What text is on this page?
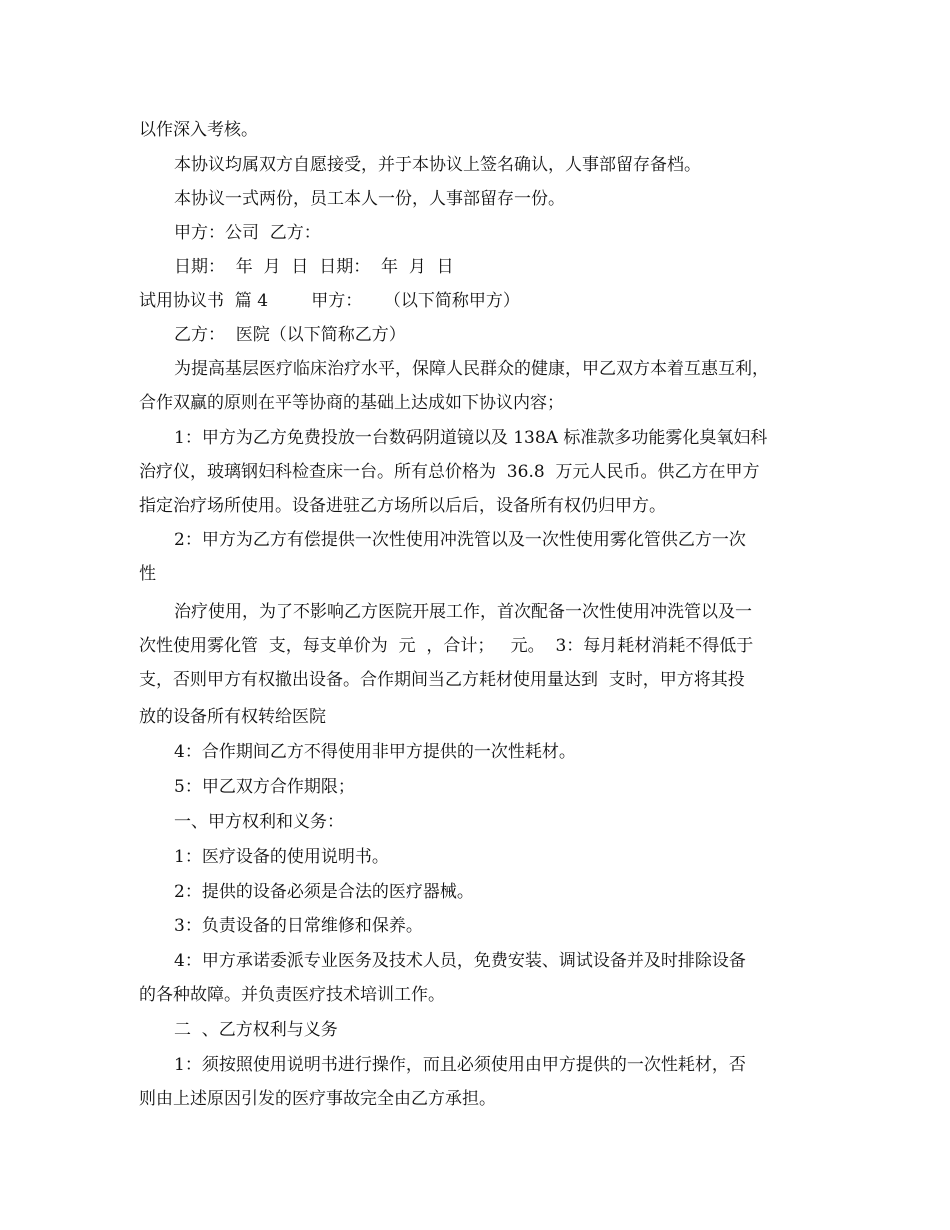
以作深入考核。
本协议均属双方自愿接受，并于本协议上签名确认，人事部留存备档。
本协议一式两份，员工本人一份，人事部留存一份。
甲方：公司  乙方：
日期：  年  月  日  日期：  年  月  日
试用协议书  篇 4        甲方：    （以下简称甲方）
乙方：  医院（以下简称乙方）
为提高基层医疗临床治疗水平，保障人民群众的健康，甲乙双方本着互惠互利，
合作双赢的原则在平等协商的基础上达成如下协议内容；
1：甲方为乙方免费投放一台数码阴道镜以及 138A 标准款多功能雾化臭氧妇科
治疗仪，玻璃钢妇科检查床一台。所有总价格为  36.8  万元人民币。供乙方在甲方
指定治疗场所使用。设备进驻乙方场所以后后，设备所有权仍归甲方。
2：甲方为乙方有偿提供一次性使用冲洗管以及一次性使用雾化管供乙方一次
性
治疗使用，为了不影响乙方医院开展工作，首次配备一次性使用冲洗管以及一
次性使用雾化管  支，每支单价为  元  ，合计；   元。  3：每月耗材消耗不得低于
支，否则甲方有权撤出设备。合作期间当乙方耗材使用量达到  支时，甲方将其投
放的设备所有权转给医院
4：合作期间乙方不得使用非甲方提供的一次性耗材。
5：甲乙双方合作期限；
一、甲方权利和义务：
1：医疗设备的使用说明书。
2：提供的设备必须是合法的医疗器械。
3：负责设备的日常维修和保养。
4：甲方承诺委派专业医务及技术人员，免费安装、调试设备并及时排除设备
的各种故障。并负责医疗技术培训工作。
二  、乙方权利与义务
1：须按照使用说明书进行操作，而且必须使用由甲方提供的一次性耗材，否
则由上述原因引发的医疗事故完全由乙方承担。
